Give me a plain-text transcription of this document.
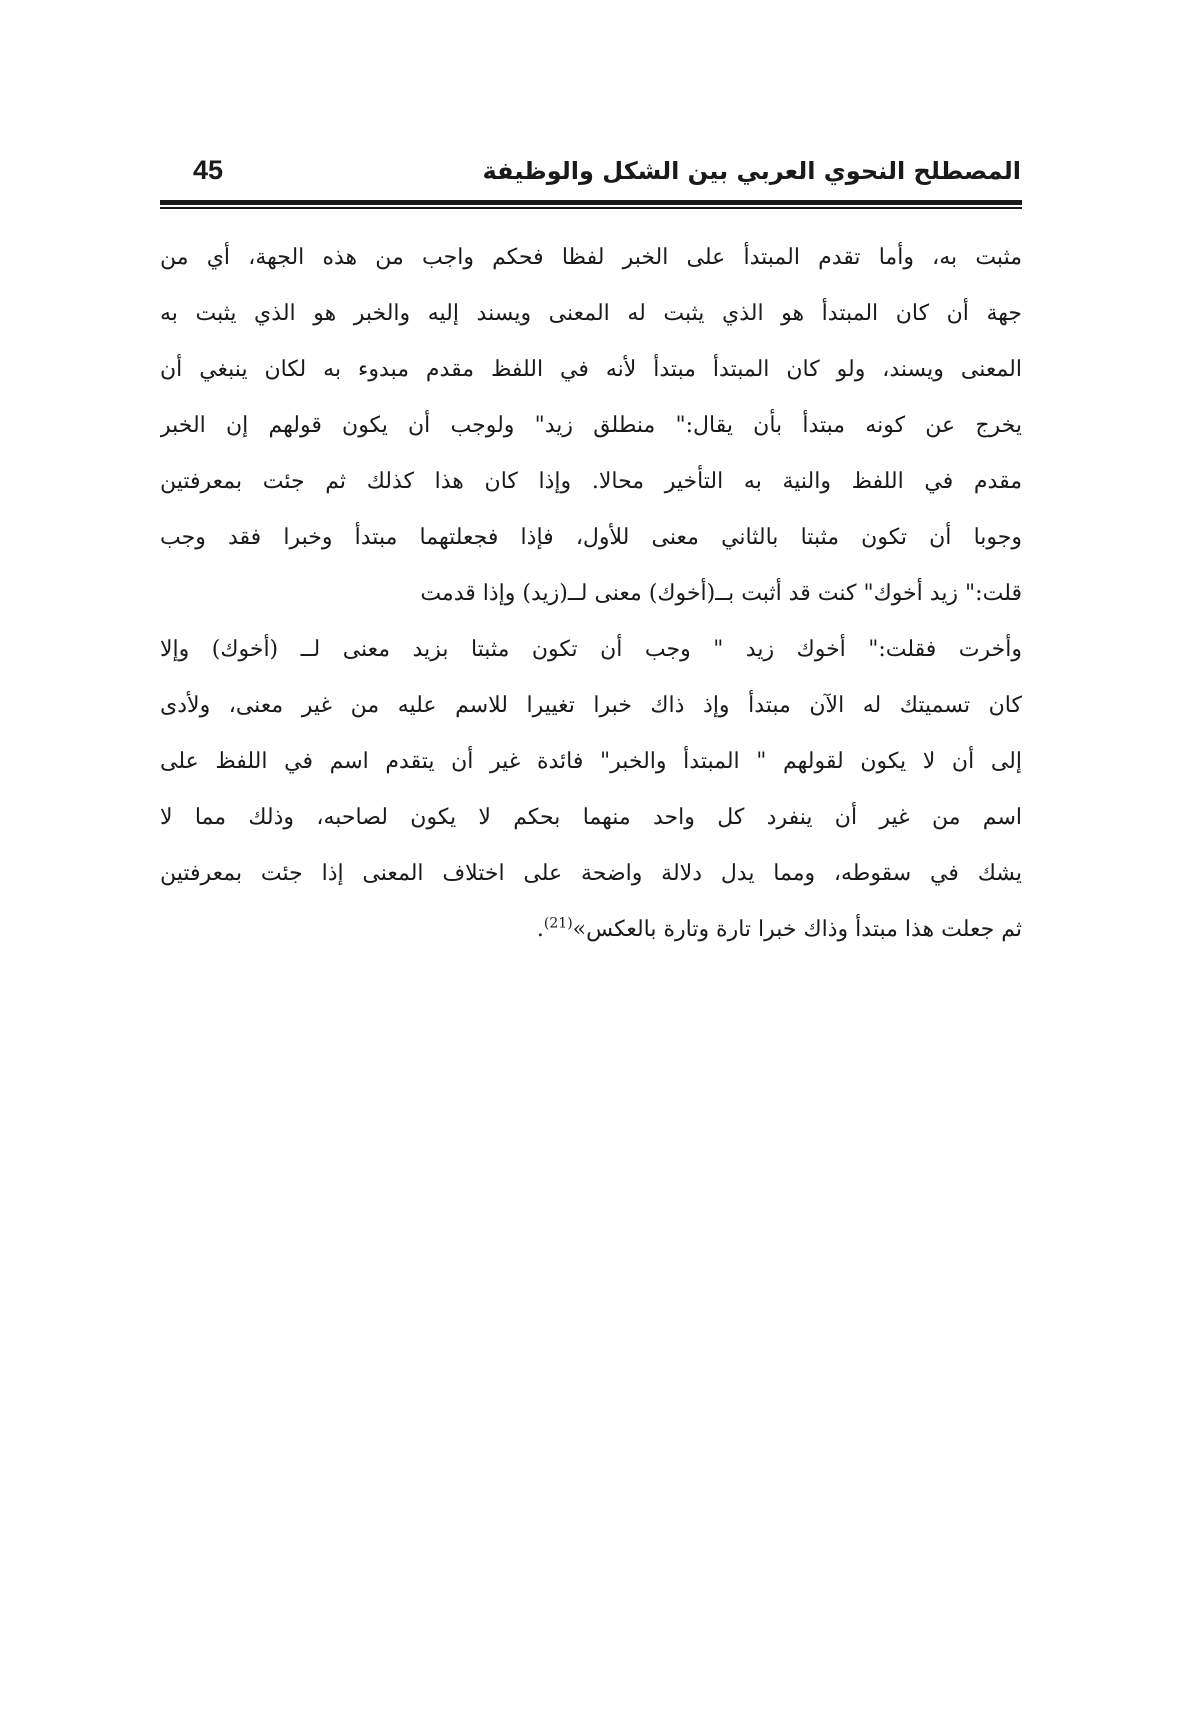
المصطلح النحوي العربي بين الشكل والوظيفة
45
مثبت به، وأما تقدم المبتدأ على الخبر لفظا فحكم واجب من هذه الجهة، أي من
جهة أن كان المبتدأ هو الذي يثبت له المعنى ويسند إليه والخبر هو الذي يثبت به
المعنى ويسند، ولو كان المبتدأ مبتدأ لأنه في اللفظ مقدم مبدوء به لكان ينبغي أن
يخرج عن كونه مبتدأ بأن يقال:" منطلق زيد" ولوجب أن يكون قولهم إن الخبر
مقدم في اللفظ والنية به التأخير محالا. وإذا كان هذا كذلك ثم جئت بمعرفتين
وجوبا أن تكون مثبتا بالثاني معنى للأول، فإذا فجعلتهما مبتدأ وخبرا فقد وجب
قلت:" زيد أخوك" كنت قد أثبت بــ(أخوك) معنى لــ(زيد) وإذا قدمت
وأخرت فقلت:" أخوك زيد " وجب أن تكون مثبتا بزيد معنى لــ (أخوك) وإلا
كان تسميتك له الآن مبتدأ وإذ ذاك خبرا تغييرا للاسم عليه من غير معنى، ولأدى
إلى أن لا يكون لقولهم " المبتدأ والخبر" فائدة غير أن يتقدم اسم في اللفظ على
اسم من غير أن ينفرد كل واحد منهما بحكم لا يكون لصاحبه، وذلك مما لا
يشك في سقوطه، ومما يدل دلالة واضحة على اختلاف المعنى إذا جئت بمعرفتين
ثم جعلت هذا مبتدأ وذاك خبرا تارة وتارة بالعكس»$^{(21)}$.
